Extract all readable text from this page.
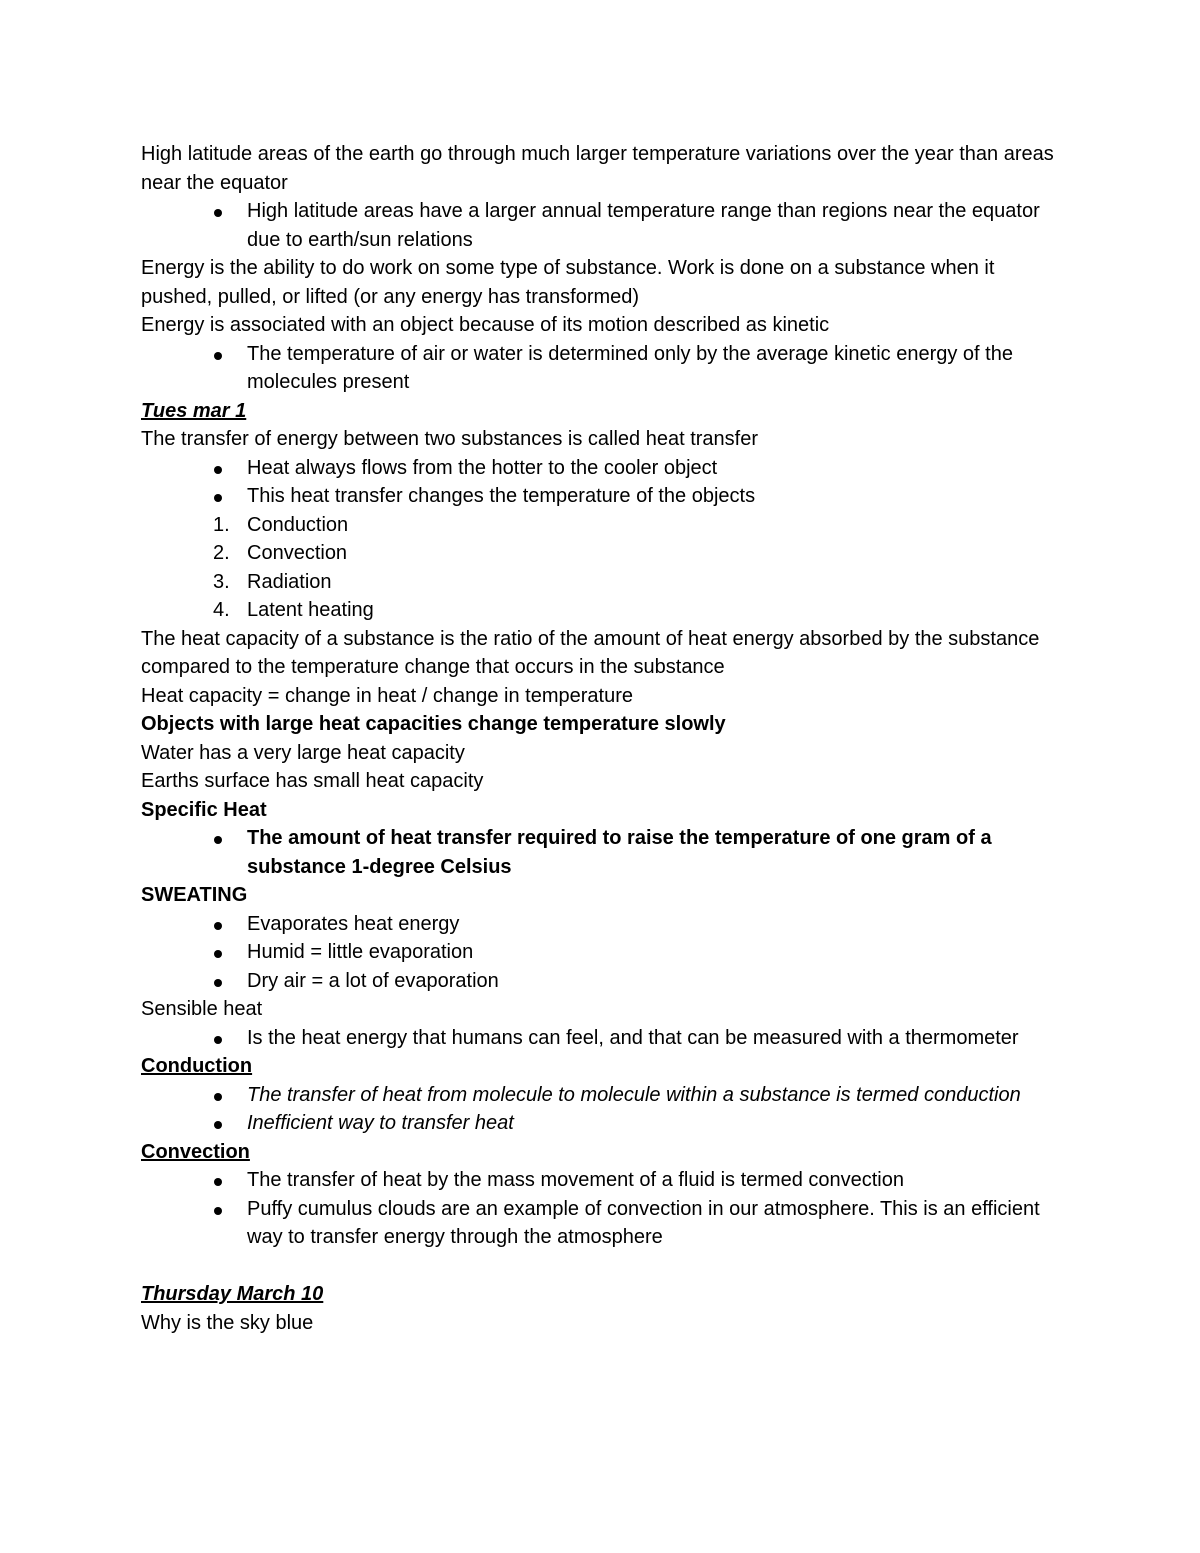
High latitude areas of the earth go through much larger temperature variations over the year than areas near the equator

High latitude areas have a larger annual temperature range than regions near the equator due to earth/sun relations

Energy is the ability to do work on some type of substance. Work is done on a substance when it pushed, pulled, or lifted (or any energy has transformed)

Energy is associated with an object because of its motion described as kinetic

The temperature of air or water is determined only by the average kinetic energy of the molecules present

Tues mar 1

The transfer of energy between two substances is called heat transfer

Heat always flows from the hotter to the cooler object
This heat transfer changes the temperature of the objects
1. Conduction
2. Convection
3. Radiation
4. Latent heating

The heat capacity of a substance is the ratio of the amount of heat energy absorbed by the substance compared to the temperature change that occurs in the substance

Heat capacity = change in heat / change in temperature

Objects with large heat capacities change temperature slowly

Water has a very large heat capacity

Earths surface has small heat capacity

Specific Heat

The amount of heat transfer required to raise the temperature of one gram of a substance 1-degree Celsius

SWEATING

Evaporates heat energy
Humid = little evaporation
Dry air = a lot of evaporation

Sensible heat

Is the heat energy that humans can feel, and that can be measured with a thermometer

Conduction

The transfer of heat from molecule to molecule within a substance is termed conduction
Inefficient way to transfer heat

Convection

The transfer of heat by the mass movement of a fluid is termed convection
Puffy cumulus clouds are an example of convection in our atmosphere. This is an efficient way to transfer energy through the atmosphere

Thursday March 10

Why is the sky blue
